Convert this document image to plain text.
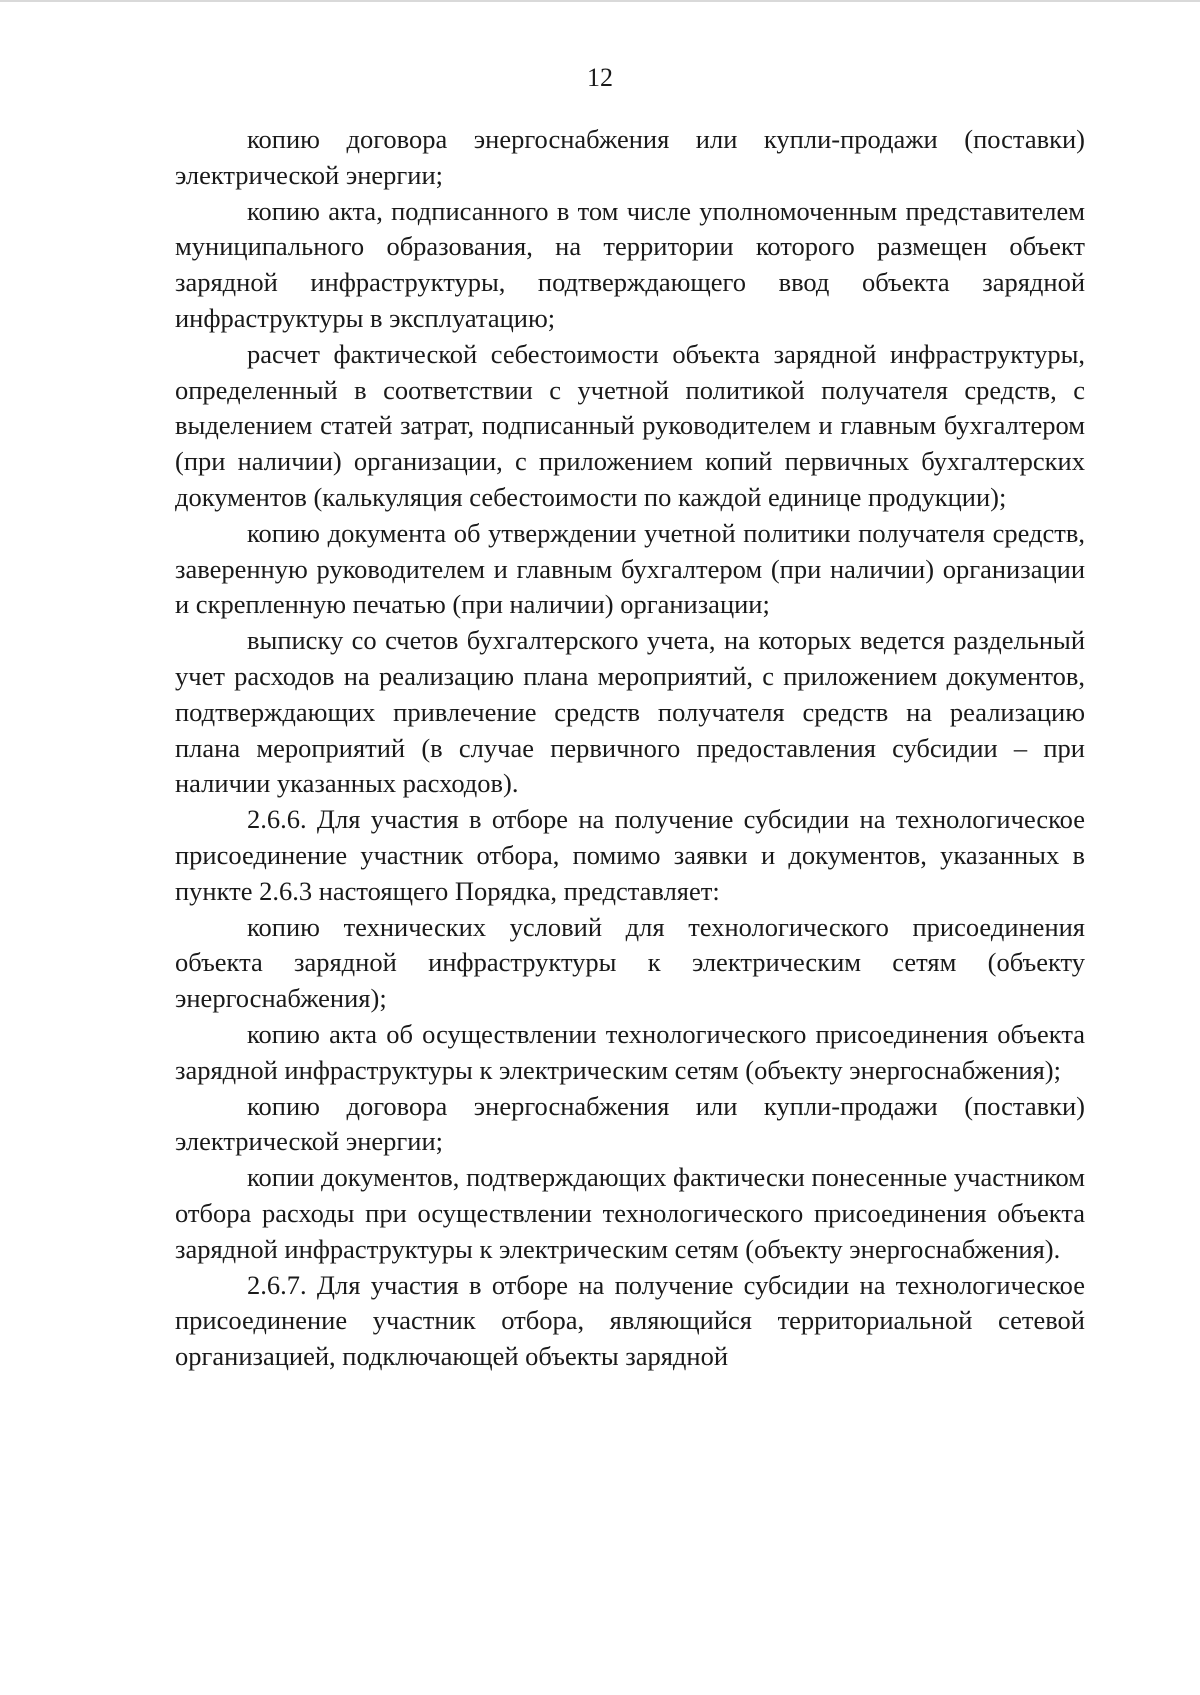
12

копию договора энергоснабжения или купли-продажи (поставки) электрической энергии;

копию акта, подписанного в том числе уполномоченным представителем муниципального образования, на территории которого размещен объект зарядной инфраструктуры, подтверждающего ввод объекта зарядной инфраструктуры в эксплуатацию;

расчет фактической себестоимости объекта зарядной инфраструктуры, определенный в соответствии с учетной политикой получателя средств, с выделением статей затрат, подписанный руководителем и главным бухгалтером (при наличии) организации, с приложением копий первичных бухгалтерских документов (калькуляция себестоимости по каждой единице продукции);

копию документа об утверждении учетной политики получателя средств, заверенную руководителем и главным бухгалтером (при наличии) организации и скрепленную печатью (при наличии) организации;

выписку со счетов бухгалтерского учета, на которых ведется раздельный учет расходов на реализацию плана мероприятий, с приложением документов, подтверждающих привлечение средств получателя средств на реализацию плана мероприятий (в случае первичного предоставления субсидии – при наличии указанных расходов).

2.6.6. Для участия в отборе на получение субсидии на технологическое присоединение участник отбора, помимо заявки и документов, указанных в пункте 2.6.3 настоящего Порядка, представляет:

копию технических условий для технологического присоединения объекта зарядной инфраструктуры к электрическим сетям (объекту энергоснабжения);

копию акта об осуществлении технологического присоединения объекта зарядной инфраструктуры к электрическим сетям (объекту энергоснабжения);

копию договора энергоснабжения или купли-продажи (поставки) электрической энергии;

копии документов, подтверждающих фактически понесенные участником отбора расходы при осуществлении технологического присоединения объекта зарядной инфраструктуры к электрическим сетям (объекту энергоснабжения).

2.6.7. Для участия в отборе на получение субсидии на технологическое присоединение участник отбора, являющийся территориальной сетевой организацией, подключающей объекты зарядной
